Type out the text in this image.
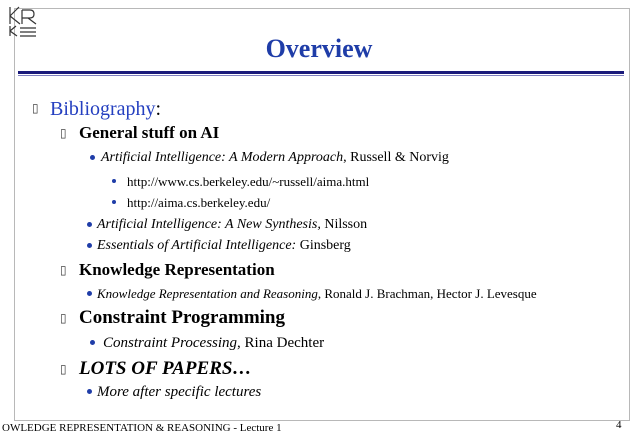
Overview
▯ Bibliography:
▯ General stuff on AI
Artificial Intelligence: A Modern Approach, Russell & Norvig
http://www.cs.berkeley.edu/~russell/aima.html
http://aima.cs.berkeley.edu/
Artificial Intelligence: A New Synthesis, Nilsson
Essentials of Artificial Intelligence: Ginsberg
▯ Knowledge Representation
Knowledge Representation and Reasoning, Ronald J. Brachman, Hector J. Levesque
▯ Constraint Programming
Constraint Processing, Rina Dechter
▯ LOTS OF PAPERS…
More after specific lectures
OWLEDGE REPRESENTATION & REASONING - Lecture 1	4
